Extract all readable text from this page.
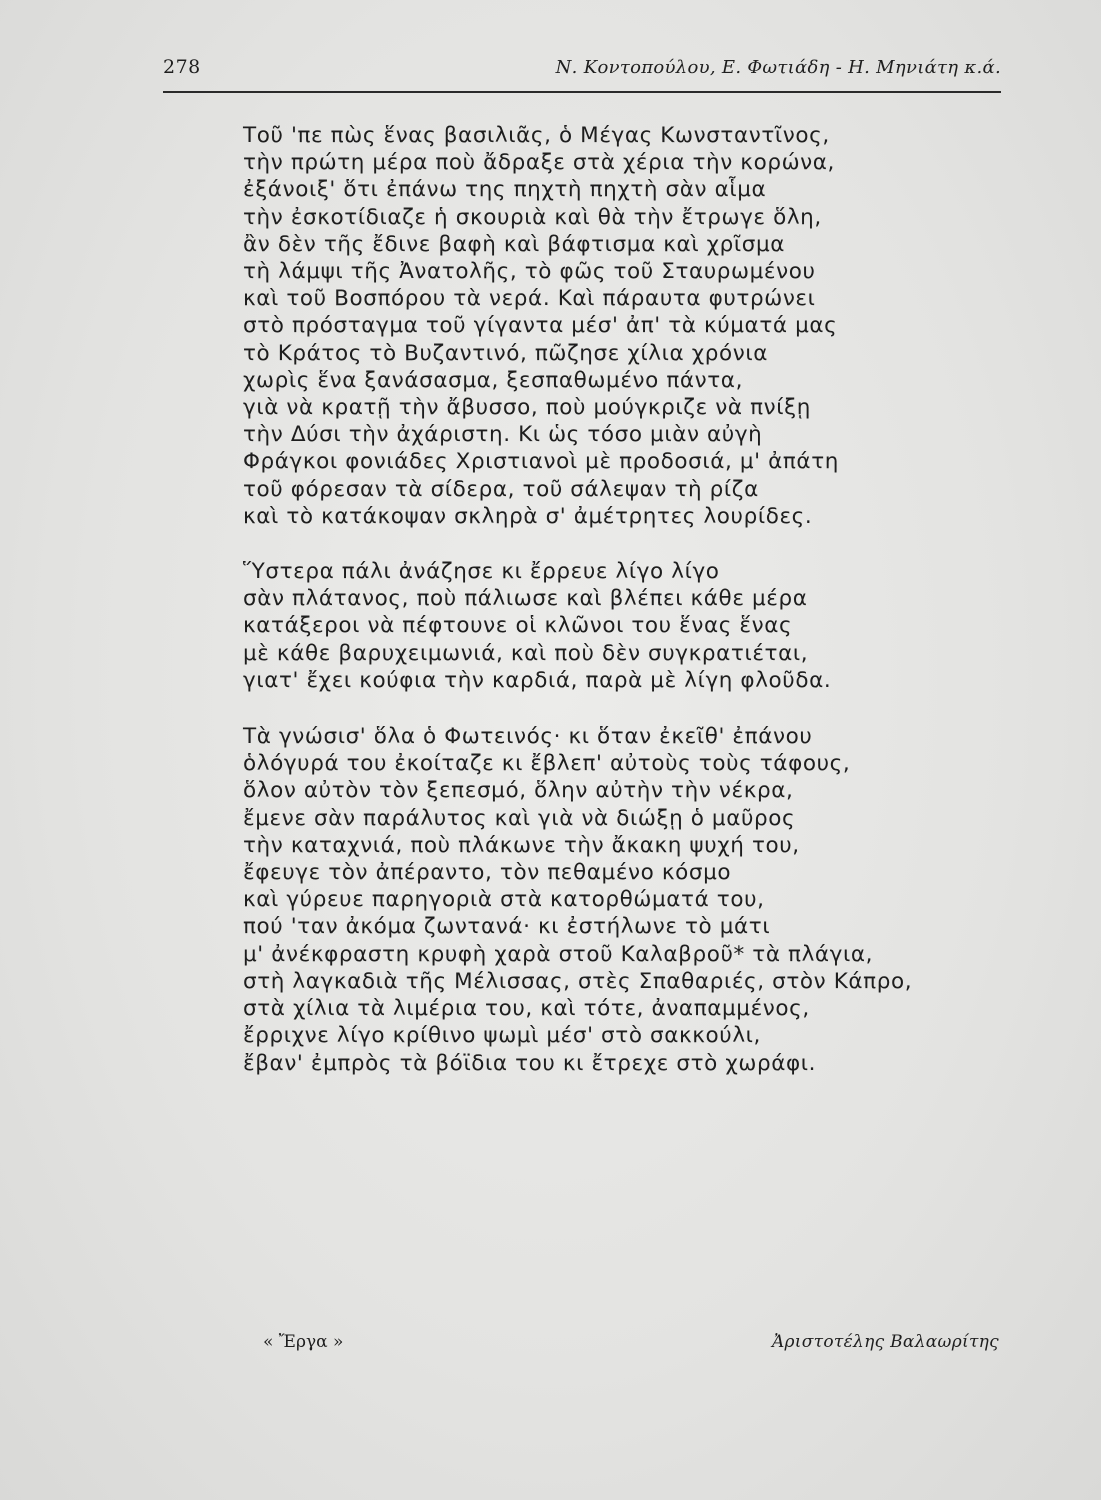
278	Ν. Κοντοπούλου, Ε. Φωτιάδη - Η. Μηνιάτη κ.ά.
Τοῦ 'πε πὼς ἕνας βασιλιᾶς, ὁ Μέγας Κωνσταντῖνος,
τὴν πρώτη μέρα ποὺ ἄδραξε στὰ χέρια τὴν κορώνα,
ἐξάνοιξ' ὅτι ἐπάνω της πηχτὴ πηχτὴ σὰν αἷμα
τὴν ἐσκοτίδιαζε ἡ σκουριὰ καὶ θὰ τὴν ἔτρωγε ὅλη,
ἂν δὲν τῆς ἔδινε βαφὴ καὶ βάφτισμα καὶ χρῖσμα
τὴ λάμψι τῆς Ἀνατολῆς, τὸ φῶς τοῦ Σταυρωμένου
καὶ τοῦ Βοσπόρου τὰ νερά. Καὶ πάραυτα φυτρώνει
στὸ πρόσταγμα τοῦ γίγαντα μέσ' ἀπ' τὰ κύματά μας
τὸ Κράτος τὸ Βυζαντινό, πῶζησε χίλια χρόνια
χωρὶς ἕνα ξανάσασμα, ξεσπαθωμένο πάντα,
γιὰ νὰ κρατῇ τὴν ἄβυσσο, ποὺ μούγκριζε νὰ πνίξῃ
τὴν Δύσι τὴν ἀχάριστη. Κι ὡς τόσο μιὰν αὐγὴ
Φράγκοι φονιάδες Χριστιανοὶ μὲ προδοσιά, μ' ἀπάτη
τοῦ φόρεσαν τὰ σίδερα, τοῦ σάλεψαν τὴ ρίζα
καὶ τὸ κατάκοψαν σκληρὰ σ' ἀμέτρητες λουρίδες.
Ὕστερα πάλι ἀνάζησε κι ἔρρευε λίγο λίγο
σὰν πλάτανος, ποὺ πάλιωσε καὶ βλέπει κάθε μέρα
κατάξεροι νὰ πέφτουνε οἱ κλῶνοι του ἕνας ἕνας
μὲ κάθε βαρυχειμωνιά, καὶ ποὺ δὲν συγκρατιέται,
γιατ' ἔχει κούφια τὴν καρδιά, παρὰ μὲ λίγη φλοῦδα.
Τὰ γνώσισ' ὅλα ὁ Φωτεινός· κι ὅταν ἐκεῖθ' ἐπάνου
ὁλόγυρά του ἐκοίταζε κι ἔβλεπ' αὐτοὺς τοὺς τάφους,
ὅλον αὐτὸν τὸν ξεπεσμό, ὅλην αὐτὴν τὴν νέκρα,
ἔμενε σὰν παράλυτος καὶ γιὰ νὰ διώξῃ ὁ μαῦρος
τὴν καταχνιά, ποὺ πλάκωνε τὴν ἄκακη ψυχή του,
ἔφευγε τὸν ἀπέραντο, τὸν πεθαμένο κόσμο
καὶ γύρευε παρηγοριὰ στὰ κατορθώματά του,
πού 'ταν ἀκόμα ζωντανά· κι ἐστήλωνε τὸ μάτι
μ' ἀνέκφραστη κρυφὴ χαρὰ στοῦ Καλαβροῦ* τὰ πλάγια,
στὴ λαγκαδιὰ τῆς Μέλισσας, στὲς Σπαθαριές, στὸν Κάπρο,
στὰ χίλια τὰ λιμέρια του, καὶ τότε, ἀναπαμμένος,
ἔρριχνε λίγο κρίθινο ψωμὶ μέσ' στὸ σακκούλι,
ἔβαν' ἐμπρὸς τὰ βόϊδια του κι ἔτρεχε στὸ χωράφι.
« Ἔργα »	Ἀριστοτέλης Βαλαωρίτης
